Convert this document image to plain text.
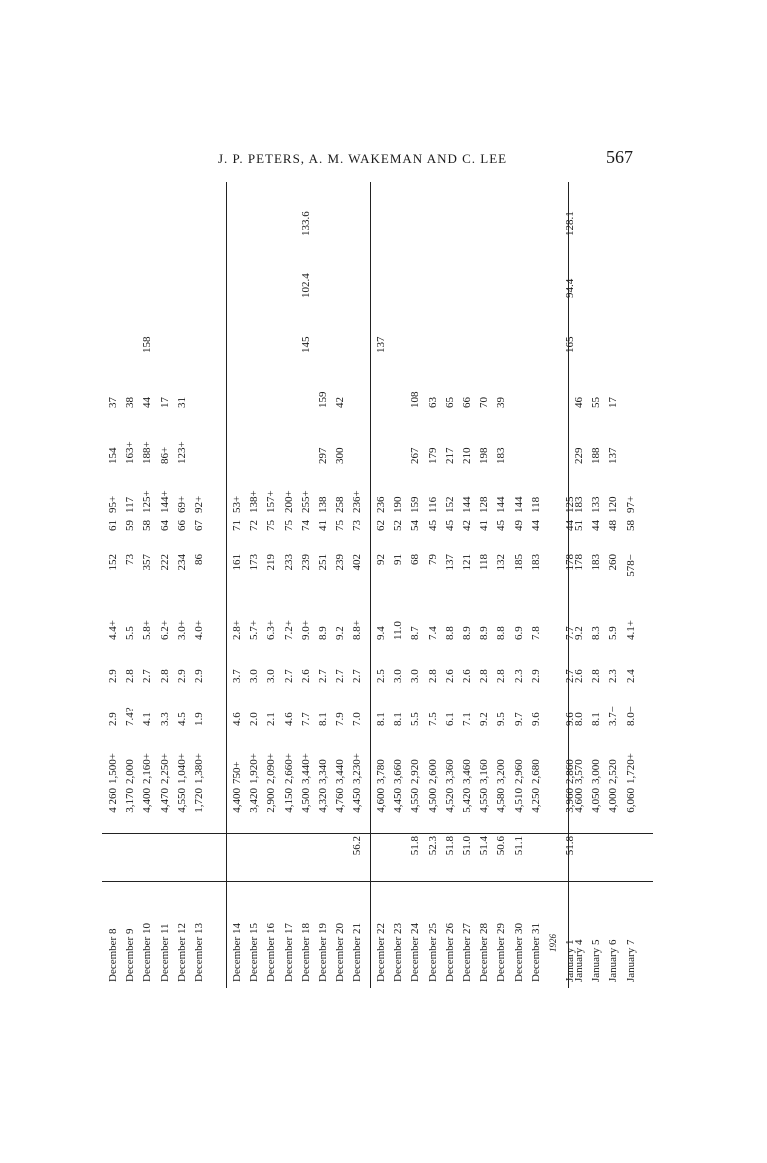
J. P. PETERS, A. M. WAKEMAN AND C. LEE	567
December 8
4 260
1,500+
2.9
2.9
4.4+
152
61
95+
154
37
December 9
3,170
2,000
7.4?
2.8
5.5
73
59
117
163+
38
December 10
4,400
2,160+
4.1
2.7
5.8+
357
58
125+
188+
44
158
December 11
4,470
2,250+
3.3
2.8
6.2+
222
64
144+
86+
17
December 12
4,550
1,040+
4.5
2.9
3.0+
234
66
69+
123+
31
December 13
1,720
1,380+
1.9
2.9
4.0+
86
67
92+
December 14
4,400
750+
4.6
3.7
2.8+
161
71
53+
December 15
3,420
1,920+
2.0
3.0
5.7+
173
72
138+
December 16
2,900
2,090+
2.1
3.0
6.3+
219
75
157+
December 17
4,150
2,660+
4.6
2.7
7.2+
233
75
200+
December 18
4,500
3,440+
7.7
2.6
9.0+
239
74
255+
145
102.4
133.6
December 19
4,320
3,340
8.1
2.7
8.9
251
41
138
297
159
December 20
4,760
3,440
7.9
2.7
9.2
239
75
258
300
42
December 21
56.2
4,450
3,230+
7.0
2.7
8.8+
402
73
236+
December 22
4,600
3,780
8.1
2.5
9.4
92
62
236
137
December 23
4,450
3,660
8.1
3.0
11.0
91
52
190
December 24
51.8
4,550
2,920
5.5
3.0
8.7
68
54
159
267
108
December 25
52.3
4,500
2,600
7.5
2.8
7.4
79
45
116
179
63
December 26
51.8
4,520
3,360
6.1
2.6
8.8
137
45
152
217
65
December 27
51.0
5,420
3,460
7.1
2.6
8.9
121
42
144
210
66
December 28
51.4
4,550
3,160
9.2
2.8
8.9
118
41
128
198
70
December 29
50.6
4,580
3,200
9.5
2.8
8.8
132
45
144
183
39
December 30
51.1
4,510
2,960
9.7
2.3
6.9
185
49
144
December 31
4,250
2,680
9.6
2.9
7.8
183
44
118
1926 January 1
51.8
3,960
2,860
9.6
2.7
7.7
178
44
125
165
94.4
128.1
January 4
4,600
3,570
8.0
2.6
9.2
178
51
183
229
46
January 5
4,050
3,000
8.1
2.8
8.3
183
44
133
188
55
January 6
4,000
2,520
3.7−
2.3
5.9
260
48
120
137
17
January 7
6,060
1,720+
8.0−
2.4
4.1+
578−
58
97+
